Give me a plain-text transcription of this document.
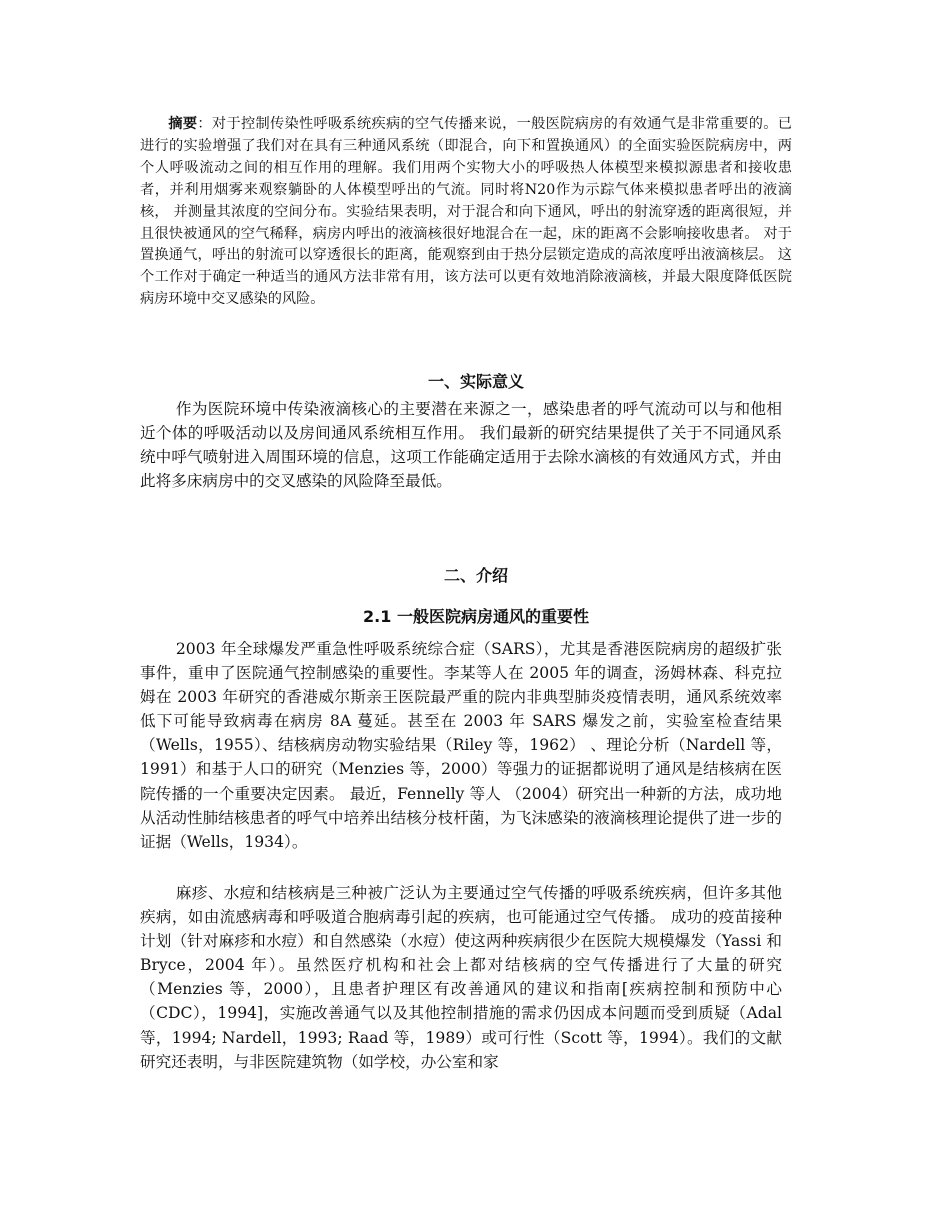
摘要：对于控制传染性呼吸系统疾病的空气传播来说，一般医院病房的有效通气是非常重要的。已进行的实验增强了我们对在具有三种通风系统（即混合，向下和置换通风）的全面实验医院病房中，两个人呼吸流动之间的相互作用的理解。我们用两个实物大小的呼吸热人体模型来模拟源患者和接收患者，并利用烟雾来观察躺卧的人体模型呼出的气流。同时将N20作为示踪气体来模拟患者呼出的液滴核， 并测量其浓度的空间分布。实验结果表明，对于混合和向下通风，呼出的射流穿透的距离很短，并且很快被通风的空气稀释，病房内呼出的液滴核很好地混合在一起，床的距离不会影响接收患者。 对于置换通气，呼出的射流可以穿透很长的距离，能观察到由于热分层锁定造成的高浓度呼出液滴核层。 这个工作对于确定一种适当的通风方法非常有用，该方法可以更有效地消除液滴核，并最大限度降低医院病房环境中交叉感染的风险。

一、实际意义

作为医院环境中传染液滴核心的主要潜在来源之一，感染患者的呼气流动可以与和他相近个体的呼吸活动以及房间通风系统相互作用。 我们最新的研究结果提供了关于不同通风系统中呼气喷射进入周围环境的信息，这项工作能确定适用于去除水滴核的有效通风方式，并由此将多床病房中的交叉感染的风险降至最低。

二、介绍
2.1 一般医院病房通风的重要性

2003 年全球爆发严重急性呼吸系统综合症（SARS），尤其是香港医院病房的超级扩张事件，重申了医院通气控制感染的重要性。李某等人在 2005 年的调查，汤姆林森、科克拉姆在 2003 年研究的香港威尔斯亲王医院最严重的院内非典型肺炎疫情表明，通风系统效率低下可能导致病毒在病房 8A 蔓延。甚至在 2003 年 SARS 爆发之前，实验室检查结果（Wells，1955）、结核病房动物实验结果（Riley 等，1962） 、理论分析（Nardell 等，1991）和基于人口的研究（Menzies 等，2000）等强力的证据都说明了通风是结核病在医院传播的一个重要决定因素。 最近，Fennelly 等人 （2004）研究出一种新的方法，成功地从活动性肺结核患者的呼气中培养出结核分枝杆菌，为飞沫感染的液滴核理论提供了进一步的证据（Wells，1934）。

麻疹、水痘和结核病是三种被广泛认为主要通过空气传播的呼吸系统疾病，但许多其他疾病，如由流感病毒和呼吸道合胞病毒引起的疾病，也可能通过空气传播。 成功的疫苗接种计划（针对麻疹和水痘）和自然感染（水痘）使这两种疾病很少在医院大规模爆发（Yassi 和 Bryce，2004 年）。虽然医疗机构和社会上都对结核病的空气传播进行了大量的研究（Menzies 等，2000），且患者护理区有改善通风的建议和指南[疾病控制和预防中心（CDC），1994]，实施改善通气以及其他控制措施的需求仍因成本问题而受到质疑（Adal 等，1994; Nardell，1993; Raad 等，1989）或可行性（Scott 等，1994）。我们的文献研究还表明，与非医院建筑物（如学校，办公室和家
